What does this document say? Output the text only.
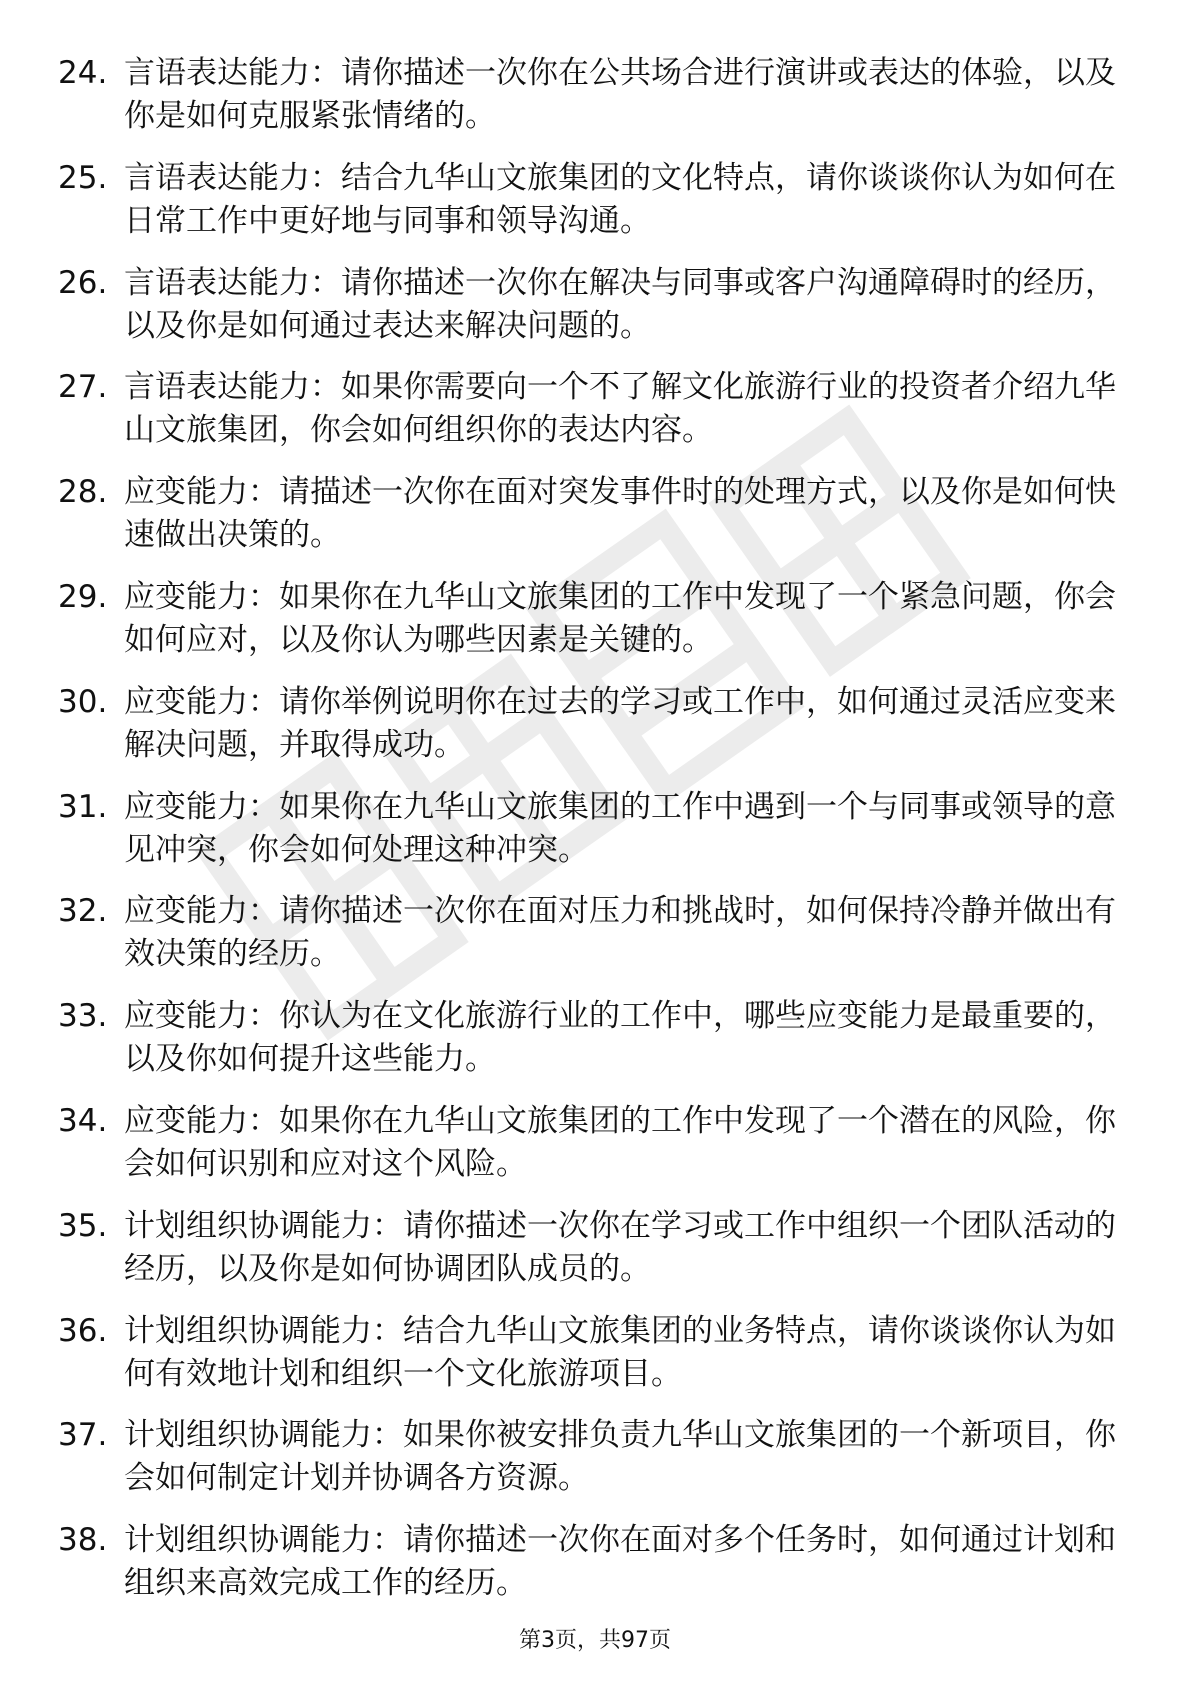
24. 言语表达能力：请你描述一次你在公共场合进行演讲或表达的体验，以及你是如何克服紧张情绪的。
25. 言语表达能力：结合九华山文旅集团的文化特点，请你谈谈你认为如何在日常工作中更好地与同事和领导沟通。
26. 言语表达能力：请你描述一次你在解决与同事或客户沟通障碍时的经历，以及你是如何通过表达来解决问题的。
27. 言语表达能力：如果你需要向一个不了解文化旅游行业的投资者介绍九华山文旅集团，你会如何组织你的表达内容。
28. 应变能力：请描述一次你在面对突发事件时的处理方式，以及你是如何快速做出决策的。
29. 应变能力：如果你在九华山文旅集团的工作中发现了一个紧急问题，你会如何应对，以及你认为哪些因素是关键的。
30. 应变能力：请你举例说明你在过去的学习或工作中，如何通过灵活应变来解决问题，并取得成功。
31. 应变能力：如果你在九华山文旅集团的工作中遇到一个与同事或领导的意见冲突，你会如何处理这种冲突。
32. 应变能力：请你描述一次你在面对压力和挑战时，如何保持冷静并做出有效决策的经历。
33. 应变能力：你认为在文化旅游行业的工作中，哪些应变能力是最重要的，以及你如何提升这些能力。
34. 应变能力：如果你在九华山文旅集团的工作中发现了一个潜在的风险，你会如何识别和应对这个风险。
35. 计划组织协调能力：请你描述一次你在学习或工作中组织一个团队活动的经历，以及你是如何协调团队成员的。
36. 计划组织协调能力：结合九华山文旅集团的业务特点，请你谈谈你认为如何有效地计划和组织一个文化旅游项目。
37. 计划组织协调能力：如果你被安排负责九华山文旅集团的一个新项目，你会如何制定计划并协调各方资源。
38. 计划组织协调能力：请你描述一次你在面对多个任务时，如何通过计划和组织来高效完成工作的经历。
第3页，共97页
